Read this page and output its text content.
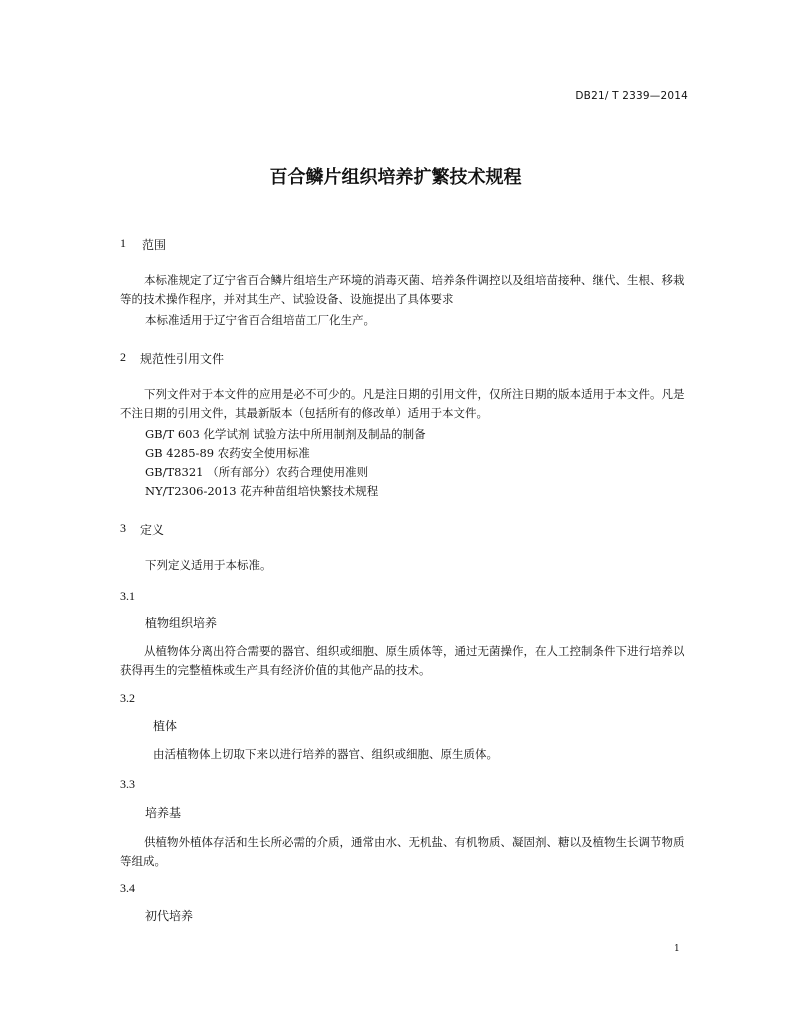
DB21/ T 2339—2014
百合鳞片组织培养扩繁技术规程
1 范围
本标准规定了辽宁省百合鳞片组培生产环境的消毒灭菌、培养条件调控以及组培苗接种、继代、生根、移栽等的技术操作程序，并对其生产、试验设备、设施提出了具体要求
本标准适用于辽宁省百合组培苗工厂化生产。
2 规范性引用文件
下列文件对于本文件的应用是必不可少的。凡是注日期的引用文件，仅所注日期的版本适用于本文件。凡是不注日期的引用文件，其最新版本（包括所有的修改单）适用于本文件。
GB/T 603 化学试剂 试验方法中所用制剂及制品的制备
GB 4285-89 农药安全使用标准
GB/T8321 （所有部分）农药合理使用准则
NY/T2306-2013 花卉种苗组培快繁技术规程
3 定义
下列定义适用于本标准。
3.1
植物组织培养
从植物体分离出符合需要的器官、组织或细胞、原生质体等，通过无菌操作，在人工控制条件下进行培养以获得再生的完整植株或生产具有经济价值的其他产品的技术。
3.2
植体
由活植物体上切取下来以进行培养的器官、组织或细胞、原生质体。
3.3
培养基
供植物外植体存活和生长所必需的介质，通常由水、无机盐、有机物质、凝固剂、糖以及植物生长调节物质等组成。
3.4
初代培养
1
